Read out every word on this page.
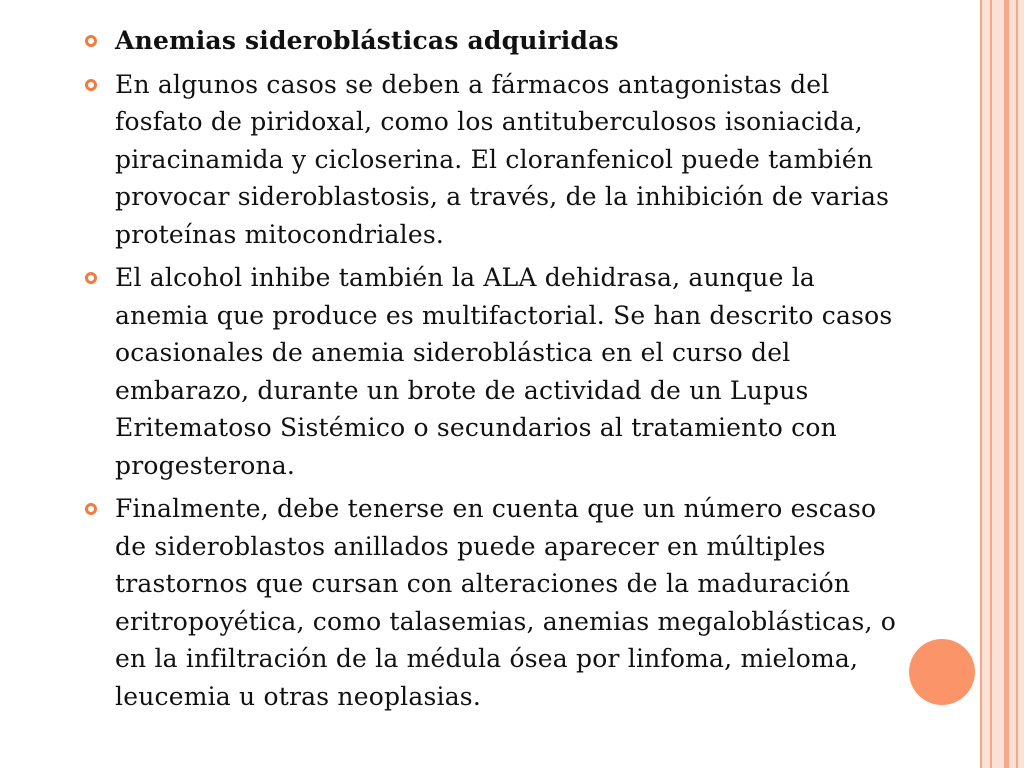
Anemias sideroblásticas adquiridas
En algunos casos se deben a fármacos antagonistas del fosfato de piridoxal, como los antituberculosos isoniacida, piracinamida y cicloserina. El cloranfenicol puede también provocar sideroblastosis, a través, de la inhibición de varias proteínas mitocondriales.
El alcohol inhibe también la ALA dehidrasa, aunque la anemia que produce es multifactorial. Se han descrito casos ocasionales de anemia sideroblástica en el curso del embarazo, durante un brote de actividad de un Lupus Eritematoso Sistémico o secundarios al tratamiento con progesterona.
Finalmente, debe tenerse en cuenta que un número escaso de sideroblastos anillados puede aparecer en múltiples trastornos que cursan con alteraciones de la maduración eritropoyética, como talasemias, anemias megaloblásticas, o en la infiltración de la médula ósea por linfoma, mieloma, leucemia u otras neoplasias.
